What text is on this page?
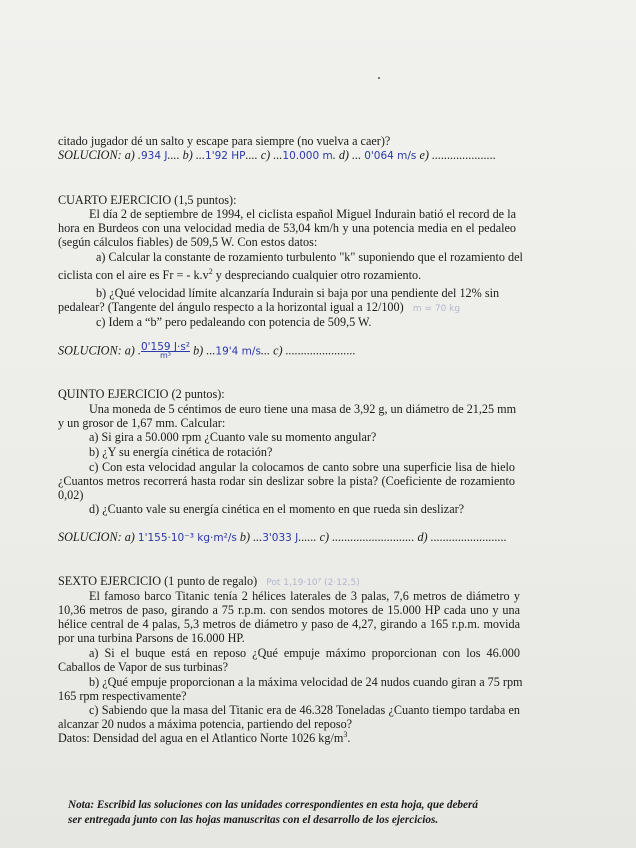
citado jugador dé un salto y escape para siempre (no vuelva a caer)?
SOLUCION: a) .934 J.... b) ...1'92 HP.... c) ...10.000 m. d) ... 0'064 m/s e) .....................
CUARTO EJERCICIO (1,5 puntos):
El día 2 de septiembre de 1994, el ciclista español Miguel Indurain batió el record de la
hora en Burdeos con una velocidad media de 53,04 km/h y una potencia media en el pedaleo
(según cálculos fiables) de 509,5 W. Con estos datos:
a) Calcular la constante de rozamiento turbulento "k" suponiendo que el rozamiento del
ciclista con el aire es Fr = - $k.v^2$ y despreciando cualquier otro rozamiento.
b) ¿Qué velocidad límite alcanzaría Indurain si baja por una pendiente del 12% sin
pedalear? (Tangente del ángulo respecto a la horizontal igual a 12/100) m = 70 kg
c) Idem a “b” pero pedaleando con potencia de 509,5 W.
SOLUCION: a) . $\frac{\text{0'159 J·s²}}{\text{m³}} b$) ...19'4 m/s... c) .......................
QUINTO EJERCICIO (2 puntos):
Una moneda de 5 céntimos de euro tiene una masa de 3,92 g, un diámetro de 21,25 mm
y un grosor de 1,67 mm. Calcular:
a) Si gira a 50.000 rpm ¿Cuanto vale su momento angular?
b) ¿Y su energía cinética de rotación?
c) Con esta velocidad angular la colocamos de canto sobre una superficie lisa de hielo
¿Cuantos metros recorrerá hasta rodar sin deslizar sobre la pista? (Coeficiente de rozamiento
0,02)
d) ¿Cuanto vale su energía cinética en el momento en que rueda sin deslizar?
SOLUCION: a) 1'155·10⁻³ kg·m²/s b) ...3'033 J...... c) ........................... d) .........................
SEXTO EJERCICIO (1 punto de regalo) Pot 1,19·10⁷ (2·12,5)
El famoso barco Titanic tenía 2 hélices laterales de 3 palas, 7,6 metros de diámetro y
10,36 metros de paso, girando a 75 r.p.m. con sendos motores de 15.000 HP cada uno y una
hélice central de 4 palas, 5,3 metros de diámetro y paso de 4,27, girando a 165 r.p.m. movida
por una turbina Parsons de 16.000 HP.
a) Si el buque está en reposo ¿Qué empuje máximo proporcionan con los 46.000
Caballos de Vapor de sus turbinas?
b) ¿Qué empuje proporcionan a la máxima velocidad de 24 nudos cuando giran a 75 rpm
165 rpm respectivamente?
c) Sabiendo que la masa del Titanic era de 46.328 Toneladas ¿Cuanto tiempo tardaba en
alcanzar 20 nudos a máxima potencia, partiendo del reposo?
Datos: Densidad del agua en el Atlantico Norte 1026 $kg/m^3$.
Nota: Escribid las soluciones con las unidades correspondientes en esta hoja, que deberá
ser entregada junto con las hojas manuscritas con el desarrollo de los ejercicios.
